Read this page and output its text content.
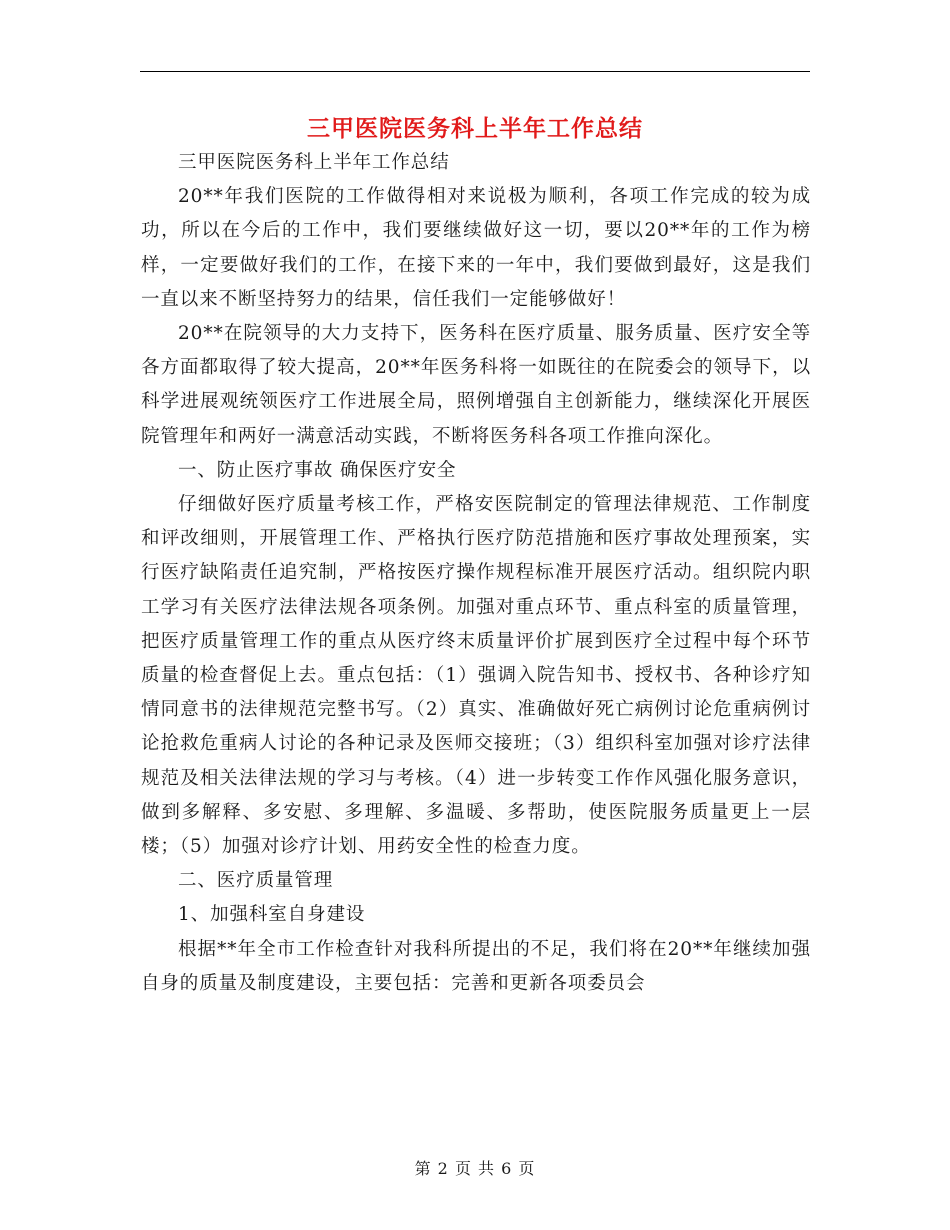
三甲医院医务科上半年工作总结

三甲医院医务科上半年工作总结

20**年我们医院的工作做得相对来说极为顺利，各项工作完成的较为成功，所以在今后的工作中，我们要继续做好这一切，要以20**年的工作为榜样，一定要做好我们的工作，在接下来的一年中，我们要做到最好，这是我们一直以来不断坚持努力的结果，信任我们一定能够做好！

20**在院领导的大力支持下，医务科在医疗质量、服务质量、医疗安全等各方面都取得了较大提高，20**年医务科将一如既往的在院委会的领导下，以科学进展观统领医疗工作进展全局，照例增强自主创新能力，继续深化开展医院管理年和两好一满意活动实践，不断将医务科各项工作推向深化。

一、防止医疗事故 确保医疗安全

仔细做好医疗质量考核工作，严格安医院制定的管理法律规范、工作制度和评改细则，开展管理工作、严格执行医疗防范措施和医疗事故处理预案，实行医疗缺陷责任追究制，严格按医疗操作规程标准开展医疗活动。组织院内职工学习有关医疗法律法规各项条例。加强对重点环节、重点科室的质量管理，把医疗质量管理工作的重点从医疗终末质量评价扩展到医疗全过程中每个环节质量的检查督促上去。重点包括：（1）强调入院告知书、授权书、各种诊疗知情同意书的法律规范完整书写。（2）真实、准确做好死亡病例讨论危重病例讨论抢救危重病人讨论的各种记录及医师交接班；（3）组织科室加强对诊疗法律规范及相关法律法规的学习与考核。（4）进一步转变工作作风强化服务意识，做到多解释、多安慰、多理解、多温暖、多帮助，使医院服务质量更上一层楼；（5）加强对诊疗计划、用药安全性的检查力度。

二、医疗质量管理

1、加强科室自身建设

根据**年全市工作检查针对我科所提出的不足，我们将在20**年继续加强自身的质量及制度建设，主要包括：完善和更新各项委员会

第 2 页 共 6 页
